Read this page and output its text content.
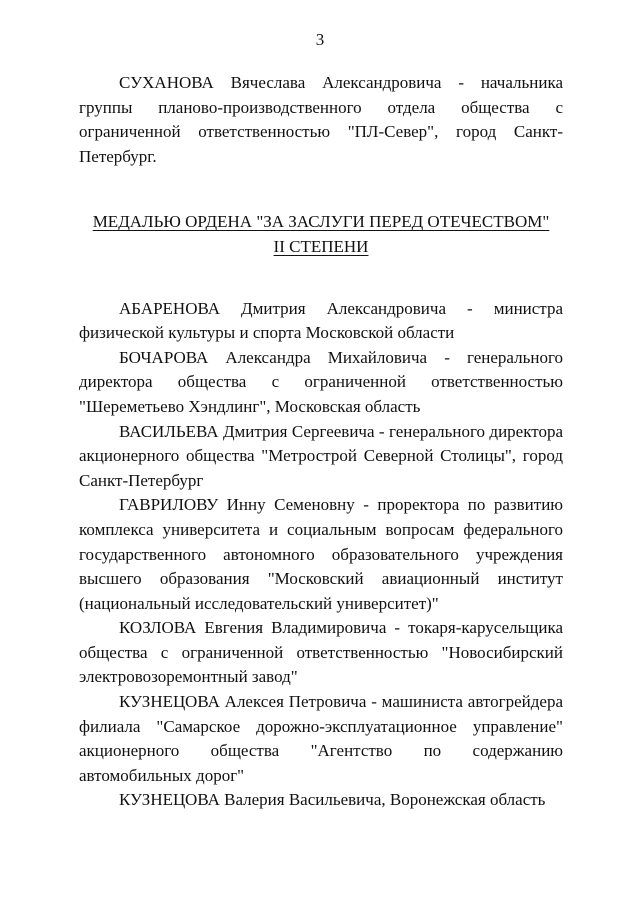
3

СУХАНОВА Вячеслава Александровича - начальника группы планово-производственного отдела общества с ограниченной ответственностью "ПЛ-Север", город Санкт-Петербург.

МЕДАЛЬЮ ОРДЕНА "ЗА ЗАСЛУГИ ПЕРЕД ОТЕЧЕСТВОМ"
II СТЕПЕНИ

АБАРЕНОВА Дмитрия Александровича - министра физической культуры и спорта Московской области

БОЧАРОВА Александра Михайловича - генерального директора общества с ограниченной ответственностью "Шереметьево Хэндлинг", Московская область

ВАСИЛЬЕВА Дмитрия Сергеевича - генерального директора акционерного общества "Метрострой Северной Столицы", город Санкт-Петербург

ГАВРИЛОВУ Инну Семеновну - проректора по развитию комплекса университета и социальным вопросам федерального государственного автономного образовательного учреждения высшего образования "Московский авиационный институт (национальный исследовательский университет)"

КОЗЛОВА Евгения Владимировича - токаря-карусельщика общества с ограниченной ответственностью "Новосибирский электровозоремонтный завод"

КУЗНЕЦОВА Алексея Петровича - машиниста автогрейдера филиала "Самарское дорожно-эксплуатационное управление" акционерного общества "Агентство по содержанию автомобильных дорог"

КУЗНЕЦОВА Валерия Васильевича, Воронежская область
